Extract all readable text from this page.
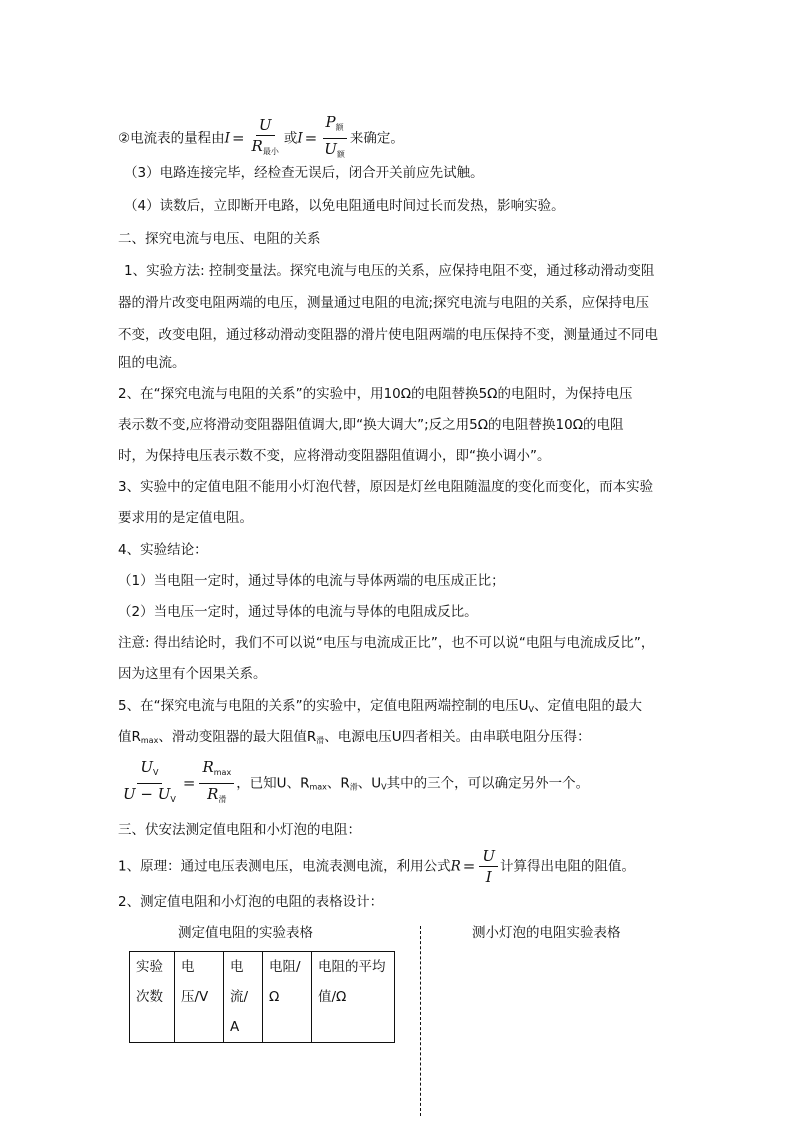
②电流表的量程由$I = \frac{U}{R_{最小}}$ 或$I = \frac{P_额}{U_额}$ 来确定。
（3）电路连接完毕，经检查无误后，闭合开关前应先试触。
（4）读数后，立即断开电路，以免电阻通电时间过长而发热，影响实验。
二、探究电流与电压、电阻的关系
1、实验方法: 控制变量法。探究电流与电压的关系，应保持电阻不变，通过移动滑动变阻
器的滑片改变电阻两端的电压，测量通过电阻的电流;探究电流与电阻的关系，应保持电压
不变，改变电阻，通过移动滑动变阻器的滑片使电阻两端的电压保持不变，测量通过不同电
阻的电流。
2、在“探究电流与电阻的关系”的实验中，用10Ω的电阻替换5Ω的电阻时，为保持电压
表示数不变,应将滑动变阻器阻值调大,即“换大调大”;反之用5Ω的电阻替换10Ω的电阻
时，为保持电压表示数不变，应将滑动变阻器阻值调小，即“换小调小”。
3、实验中的定值电阻不能用小灯泡代替，原因是灯丝电阻随温度的变化而变化，而本实验
要求用的是定值电阻。
4、实验结论：
（1）当电阻一定时，通过导体的电流与导体两端的电压成正比；
（2）当电压一定时，通过导体的电流与导体的电阻成反比。
注意: 得出结论时，我们不可以说“电压与电流成正比”，也不可以说“电阻与电流成反比”，
因为这里有个因果关系。
5、在“探究电流与电阻的关系”的实验中，定值电阻两端控制的电压UV、定值电阻的最大
值Rmax、滑动变阻器的最大阻值R滑、电源电压U四者相关。由串联电阻分压得：
$\frac{U_V}{U - U_V} = \frac{R_{max}}{R_滑}$ ，已知U、Rmax、R滑、UV其中的三个，可以确定另外一个。
三、伏安法测定值电阻和小灯泡的电阻：
1、原理：通过电压表测电压，电流表测电流，利用公式$R = \frac{U}{I}$ 计算得出电阻的阻值。
2、测定值电阻和小灯泡的电阻的表格设计：
测定值电阻的实验表格	测小灯泡的电阻实验表格
实验次数	电压/V	电流/A	电阻/Ω	电阻的平均值/Ω
